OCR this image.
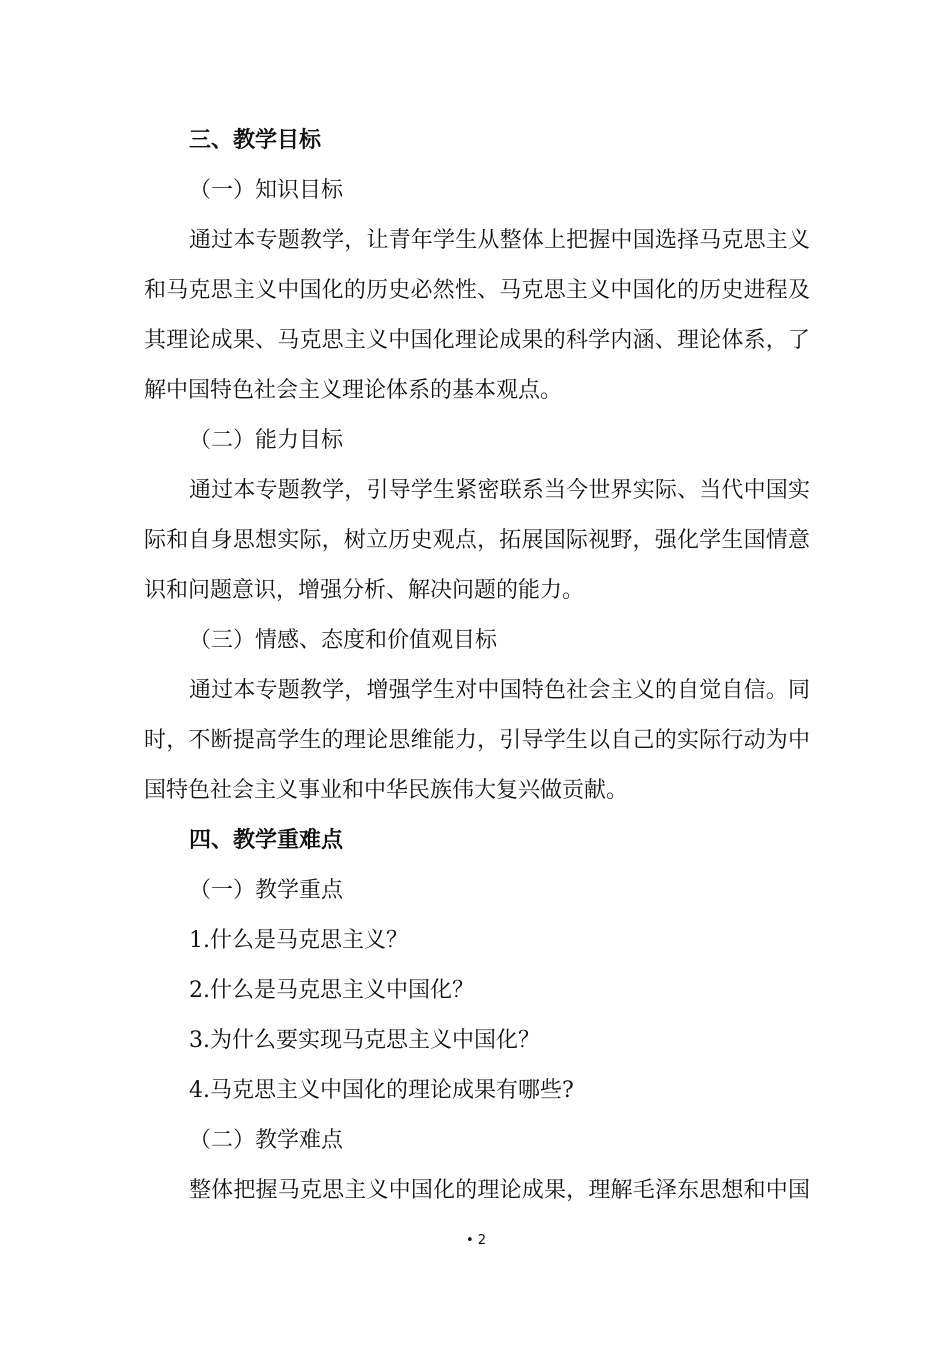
三、教学目标
（一）知识目标
通过本专题教学，让青年学生从整体上把握中国选择马克思主义
和马克思主义中国化的历史必然性、马克思主义中国化的历史进程及
其理论成果、马克思主义中国化理论成果的科学内涵、理论体系，了
解中国特色社会主义理论体系的基本观点。
（二）能力目标
通过本专题教学，引导学生紧密联系当今世界实际、当代中国实
际和自身思想实际，树立历史观点，拓展国际视野，强化学生国情意
识和问题意识，增强分析、解决问题的能力。
（三）情感、态度和价值观目标
通过本专题教学，增强学生对中国特色社会主义的自觉自信。同
时，不断提高学生的理论思维能力，引导学生以自己的实际行动为中
国特色社会主义事业和中华民族伟大复兴做贡献。
四、教学重难点
（一）教学重点
1.什么是马克思主义？
2.什么是马克思主义中国化？
3.为什么要实现马克思主义中国化？
4.马克思主义中国化的理论成果有哪些?
（二）教学难点
整体把握马克思主义中国化的理论成果，理解毛泽东思想和中国
• 2
